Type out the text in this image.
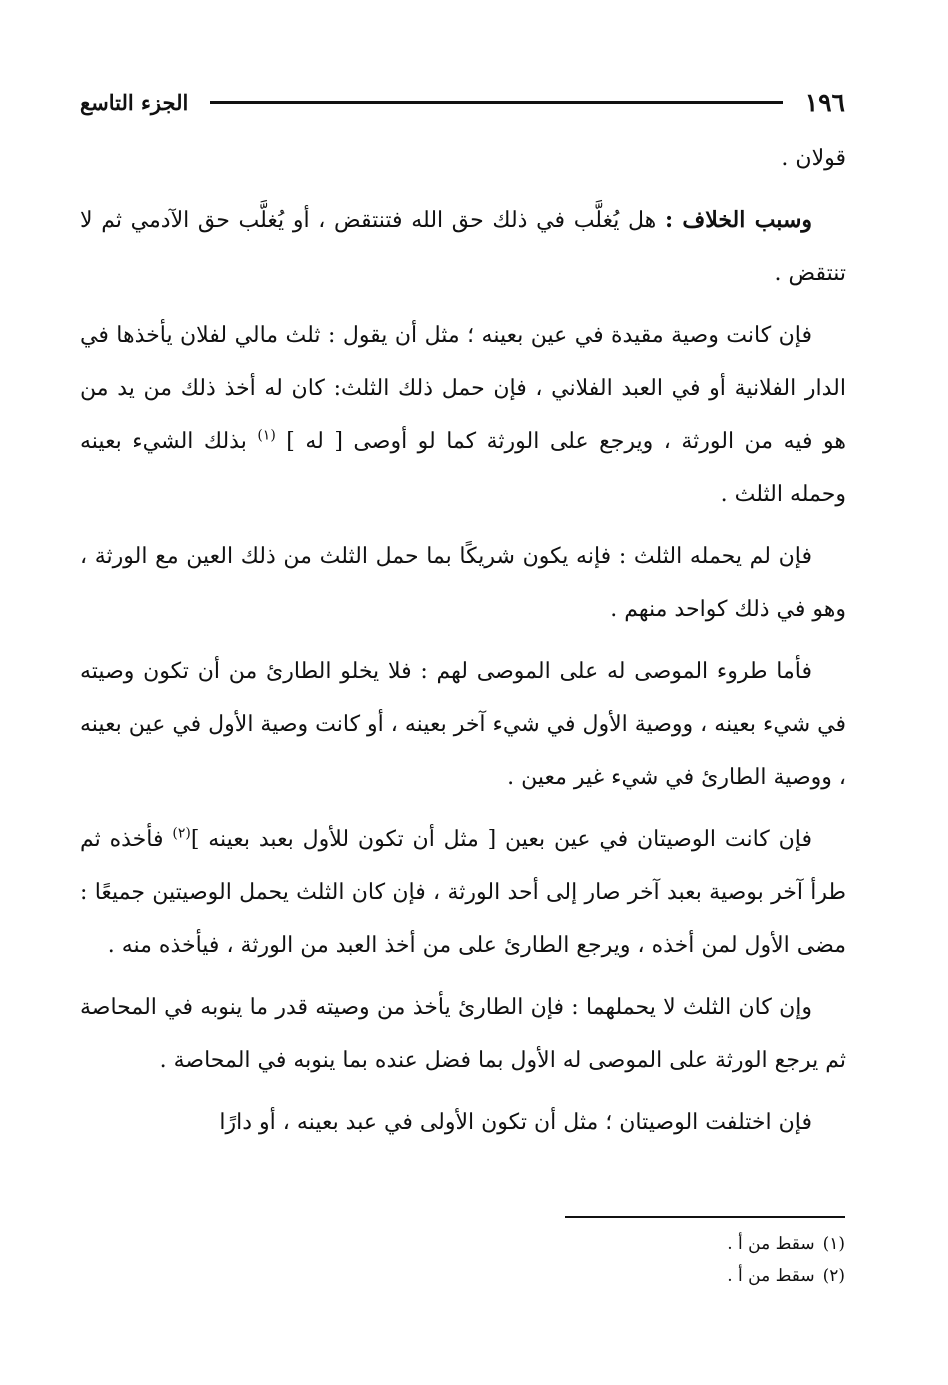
١٩٦
الجزء التاسع

قولان .

وسبب الخلاف : هل يُغلَّب في ذلك حق الله فتنتقض ، أو يُغلَّب حق الآدمي ثم لا تنتقض .

فإن كانت وصية مقيدة في عين بعينه ؛ مثل أن يقول : ثلث مالي لفلان يأخذها في الدار الفلانية أو في العبد الفلاني ، فإن حمل ذلك الثلث: كان له أخذ ذلك من يد من هو فيه من الورثة ، ويرجع على الورثة كما لو أوصى [ له ] $^{(١)}$ بذلك الشيء بعينه وحمله الثلث .

فإن لم يحمله الثلث : فإنه يكون شريكًا بما حمل الثلث من ذلك العين مع الورثة ، وهو في ذلك كواحد منهم .

فأما طروء الموصى له على الموصى لهم : فلا يخلو الطارئ من أن تكون وصيته في شيء بعينه ، ووصية الأول في شيء آخر بعينه ، أو كانت وصية الأول في عين بعينه ، ووصية الطارئ في شيء غير معين .

فإن كانت الوصيتان في عين بعين [ مثل أن تكون للأول بعبد بعينه ]$^{(٢)}$ فأخذه ثم طرأ آخر بوصية بعبد آخر صار إلى أحد الورثة ، فإن كان الثلث يحمل الوصيتين جميعًا : مضى الأول لمن أخذه ، ويرجع الطارئ على من أخذ العبد من الورثة ، فيأخذه منه .

وإن كان الثلث لا يحملهما : فإن الطارئ يأخذ من وصيته قدر ما ينوبه في المحاصة ثم يرجع الورثة على الموصى له الأول بما فضل عنده بما ينوبه في المحاصة .

فإن اختلفت الوصيتان ؛ مثل أن تكون الأولى في عبد بعينه ، أو دارًا

(١)سقط من أ .
(٢)سقط من أ .
